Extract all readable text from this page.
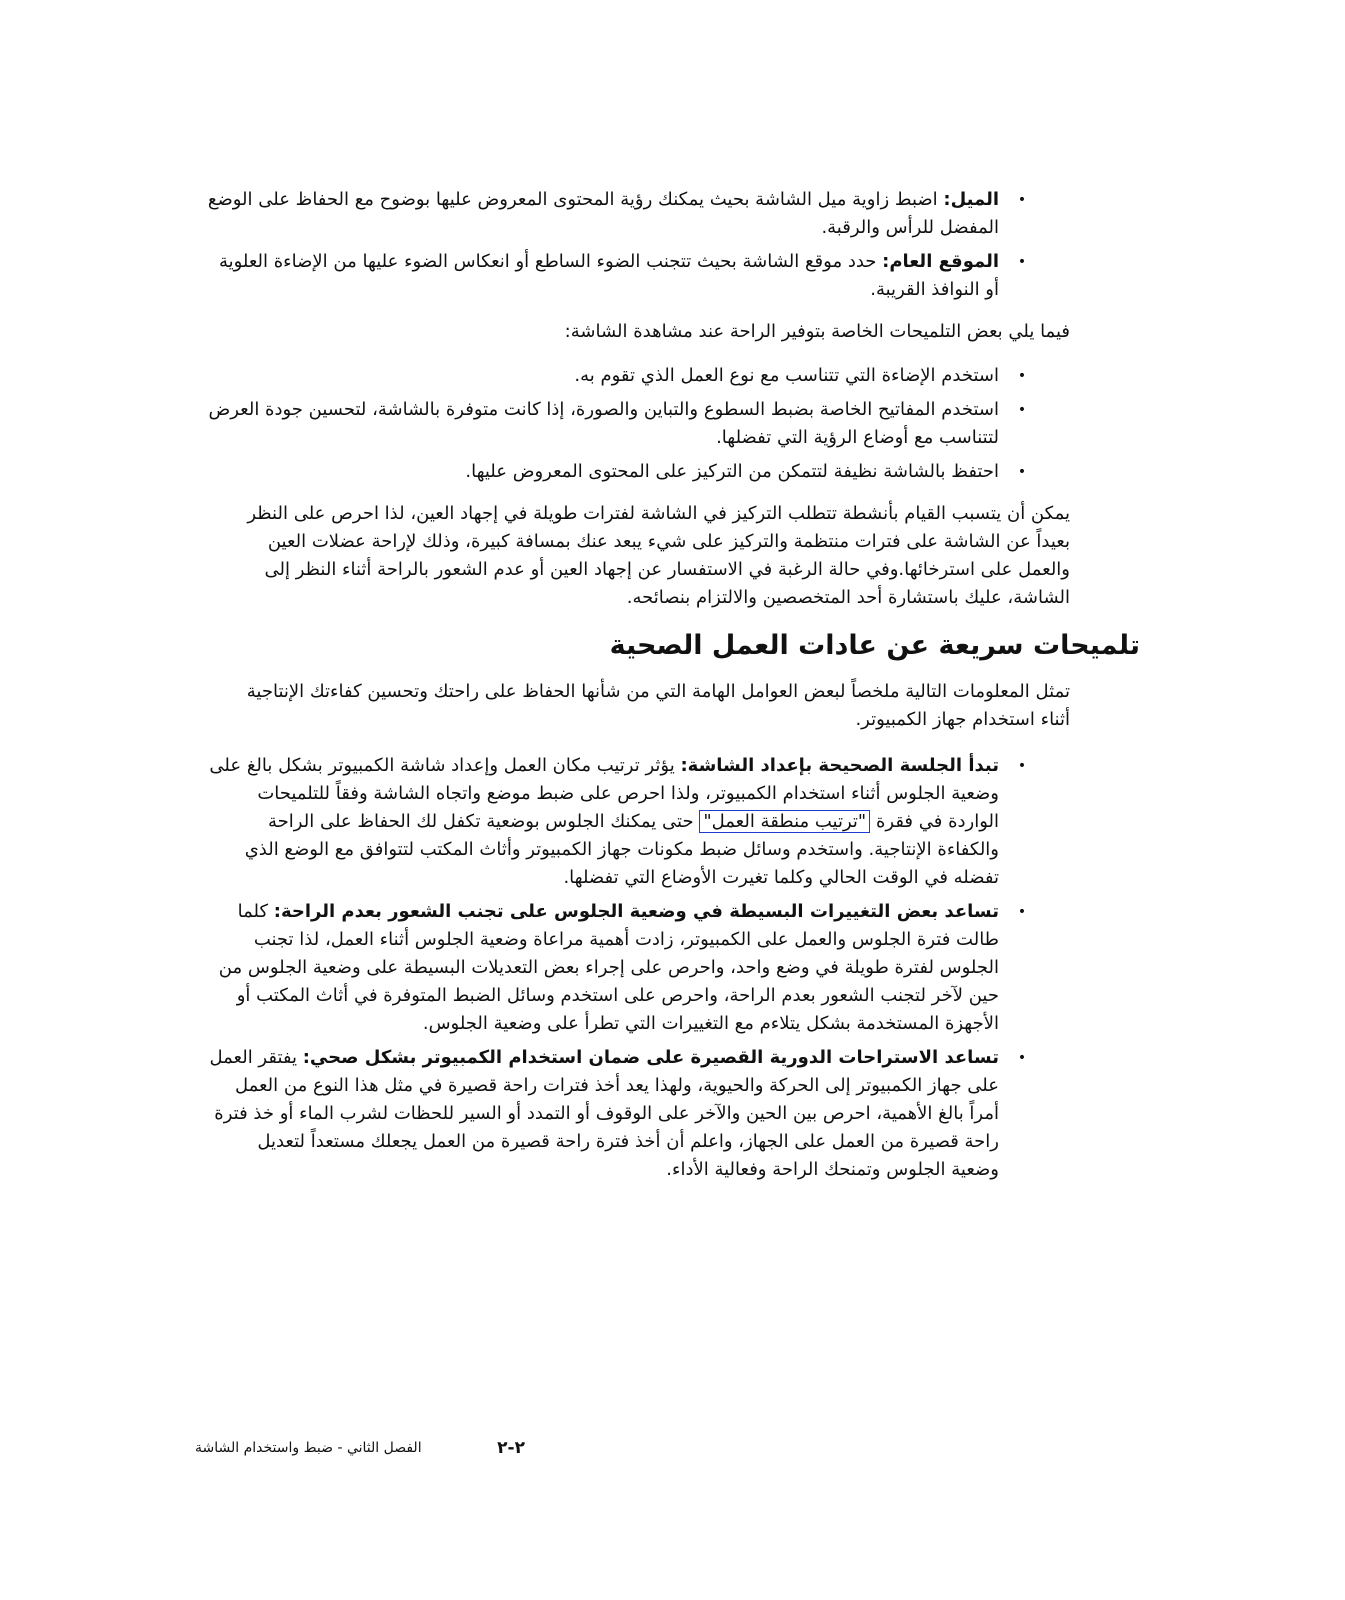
•
الميل: اضبط زاوية ميل الشاشة بحيث يمكنك رؤية المحتوى المعروض عليها بوضوح مع الحفاظ على الوضع المفضل للرأس والرقبة.
•
الموقع العام: حدد موقع الشاشة بحيث تتجنب الضوء الساطع أو انعكاس الضوء عليها من الإضاءة العلوية أو النوافذ القريبة.

فيما يلي بعض التلميحات الخاصة بتوفير الراحة عند مشاهدة الشاشة:

•
استخدم الإضاءة التي تتناسب مع نوع العمل الذي تقوم به.
•
استخدم المفاتيح الخاصة بضبط السطوع والتباين والصورة، إذا كانت متوفرة بالشاشة، لتحسين جودة العرض لتتناسب مع أوضاع الرؤية التي تفضلها.
•
احتفظ بالشاشة نظيفة لتتمكن من التركيز على المحتوى المعروض عليها.

يمكن أن يتسبب القيام بأنشطة تتطلب التركيز في الشاشة لفترات طويلة في إجهاد العين، لذا احرص على النظر بعيداً عن الشاشة على فترات منتظمة والتركيز على شيء يبعد عنك بمسافة كبيرة، وذلك لإراحة عضلات العين والعمل على استرخائها.وفي حالة الرغبة في الاستفسار عن إجهاد العين أو عدم الشعور بالراحة أثناء النظر إلى الشاشة، عليك باستشارة أحد المتخصصين والالتزام بنصائحه.

تلميحات سريعة عن عادات العمل الصحية

تمثل المعلومات التالية ملخصاً لبعض العوامل الهامة التي من شأنها الحفاظ على راحتك وتحسين كفاءتك الإنتاجية أثناء استخدام جهاز الكمبيوتر.

•
تبدأ الجلسة الصحيحة بإعداد الشاشة: يؤثر ترتيب مكان العمل وإعداد شاشة الكمبيوتر بشكل بالغ على وضعية الجلوس أثناء استخدام الكمبيوتر، ولذا احرص على ضبط موضع واتجاه الشاشة وفقاً للتلميحات الواردة في فقرة "ترتيب منطقة العمل" حتى يمكنك الجلوس بوضعية تكفل لك الحفاظ على الراحة والكفاءة الإنتاجية. واستخدم وسائل ضبط مكونات جهاز الكمبيوتر وأثاث المكتب لتتوافق مع الوضع الذي تفضله في الوقت الحالي وكلما تغيرت الأوضاع التي تفضلها.
•
تساعد بعض التغييرات البسيطة في وضعية الجلوس على تجنب الشعور بعدم الراحة: كلما طالت فترة الجلوس والعمل على الكمبيوتر، زادت أهمية مراعاة وضعية الجلوس أثناء العمل، لذا تجنب الجلوس لفترة طويلة في وضع واحد، واحرص على إجراء بعض التعديلات البسيطة على وضعية الجلوس من حين لآخر لتجنب الشعور بعدم الراحة، واحرص على استخدم وسائل الضبط المتوفرة في أثاث المكتب أو الأجهزة المستخدمة بشكل يتلاءم مع التغييرات التي تطرأ على وضعية الجلوس.
•
تساعد الاستراحات الدورية القصيرة على ضمان استخدام الكمبيوتر بشكل صحي: يفتقر العمل على جهاز الكمبيوتر إلى الحركة والحيوية، ولهذا يعد أخذ فترات راحة قصيرة في مثل هذا النوع من العمل أمراً بالغ الأهمية، احرص بين الحين والآخر على الوقوف أو التمدد أو السير للحظات لشرب الماء أو خذ فترة راحة قصيرة من العمل على الجهاز، واعلم أن أخذ فترة راحة قصيرة من العمل يجعلك مستعداً لتعديل وضعية الجلوس وتمنحك الراحة وفعالية الأداء.
الفصل الثاني - ضبط واستخدام الشاشة	٢-٢
